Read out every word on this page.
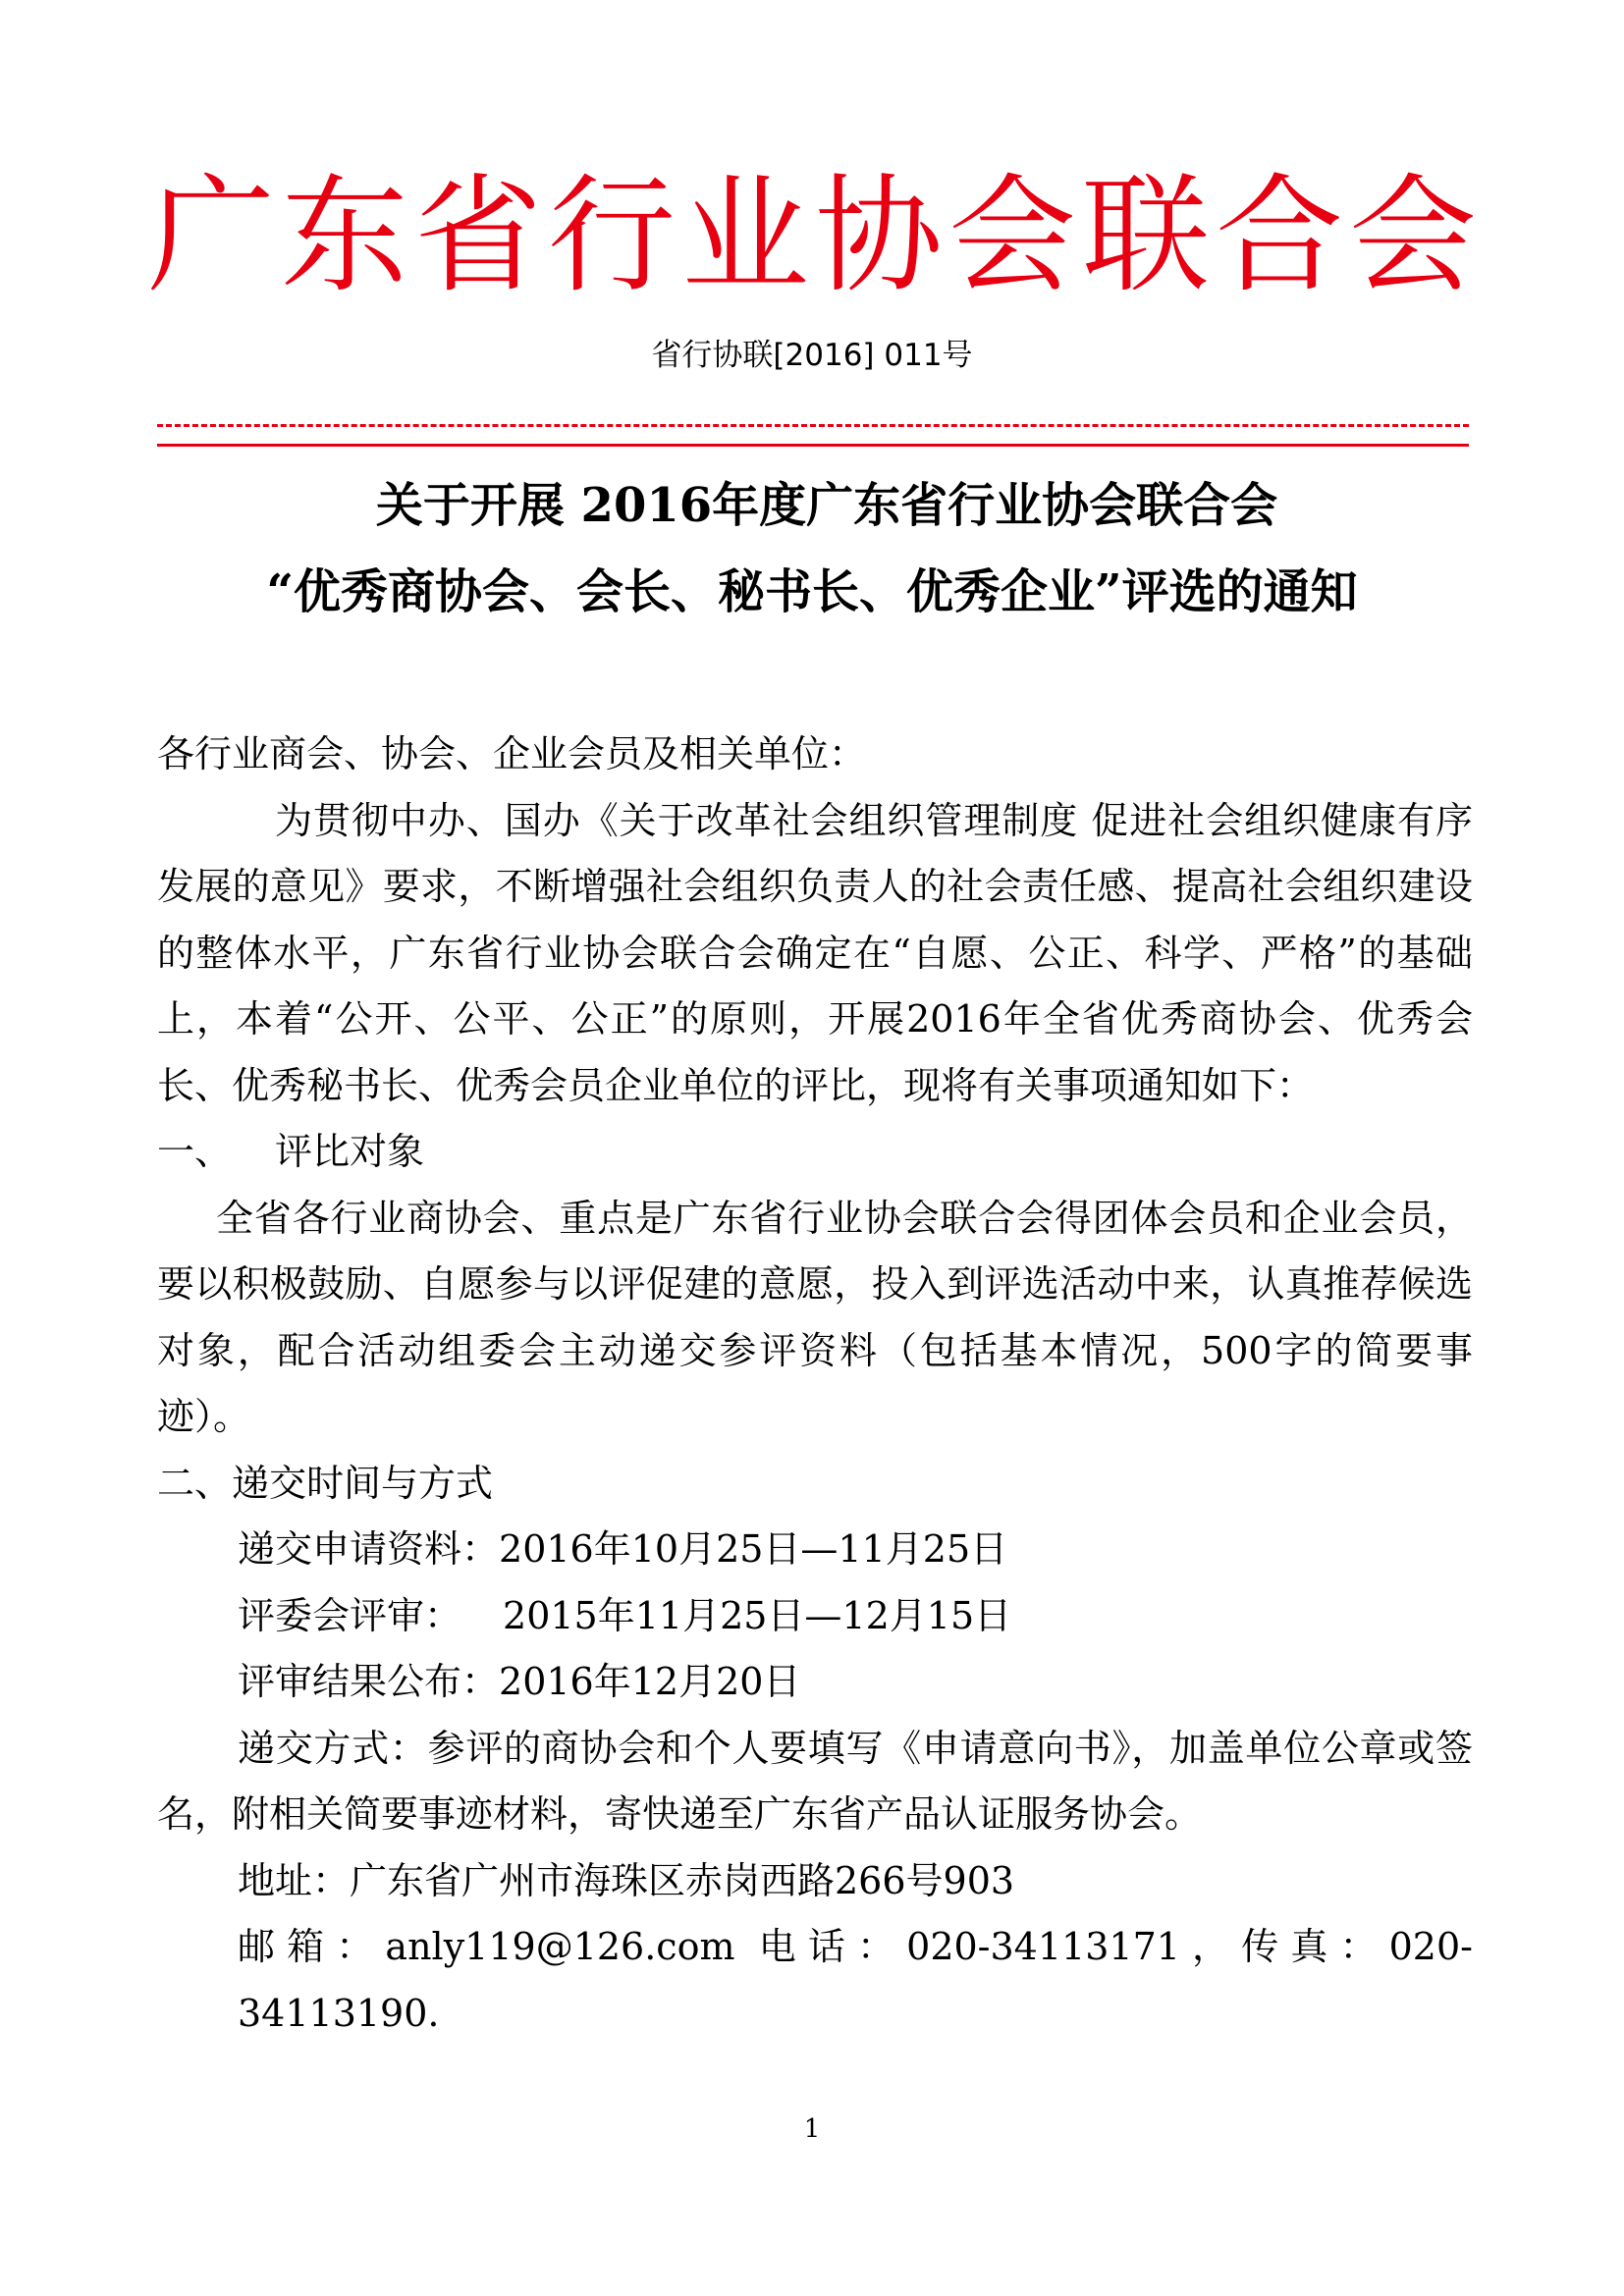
广东省行业协会联合会
省行协联[2016] 011号
关于开展 2016年度广东省行业协会联合会
“优秀商协会、会长、秘书长、优秀企业”评选的通知

各行业商会、协会、企业会员及相关单位：

为贯彻中办、国办《关于改革社会组织管理制度 促进社会组织健康有序发展的意见》要求，不断增强社会组织负责人的社会责任感、提高社会组织建设的整体水平，广东省行业协会联合会确定在“自愿、公正、科学、严格”的基础上，本着“公开、公平、公正”的原则，开展2016年全省优秀商协会、优秀会长、优秀秘书长、优秀会员企业单位的评比，现将有关事项通知如下：

一、 评比对象

全省各行业商协会、重点是广东省行业协会联合会得团体会员和企业会员，要以积极鼓励、自愿参与以评促建的意愿，投入到评选活动中来，认真推荐候选对象，配合活动组委会主动递交参评资料（包括基本情况，500字的简要事迹）。

二、递交时间与方式

递交申请资料：2016年10月25日—11月25日

评委会评审： 2015年11月25日—12月15日

评审结果公布：2016年12月20日

递交方式：参评的商协会和个人要填写《申请意向书》，加盖单位公章或签名，附相关简要事迹材料，寄快递至广东省产品认证服务协会。

地址：广东省广州市海珠区赤岗西路266号903

邮箱：anly119@126.com 电话：020-34113171，传真：020-34113190.

1
